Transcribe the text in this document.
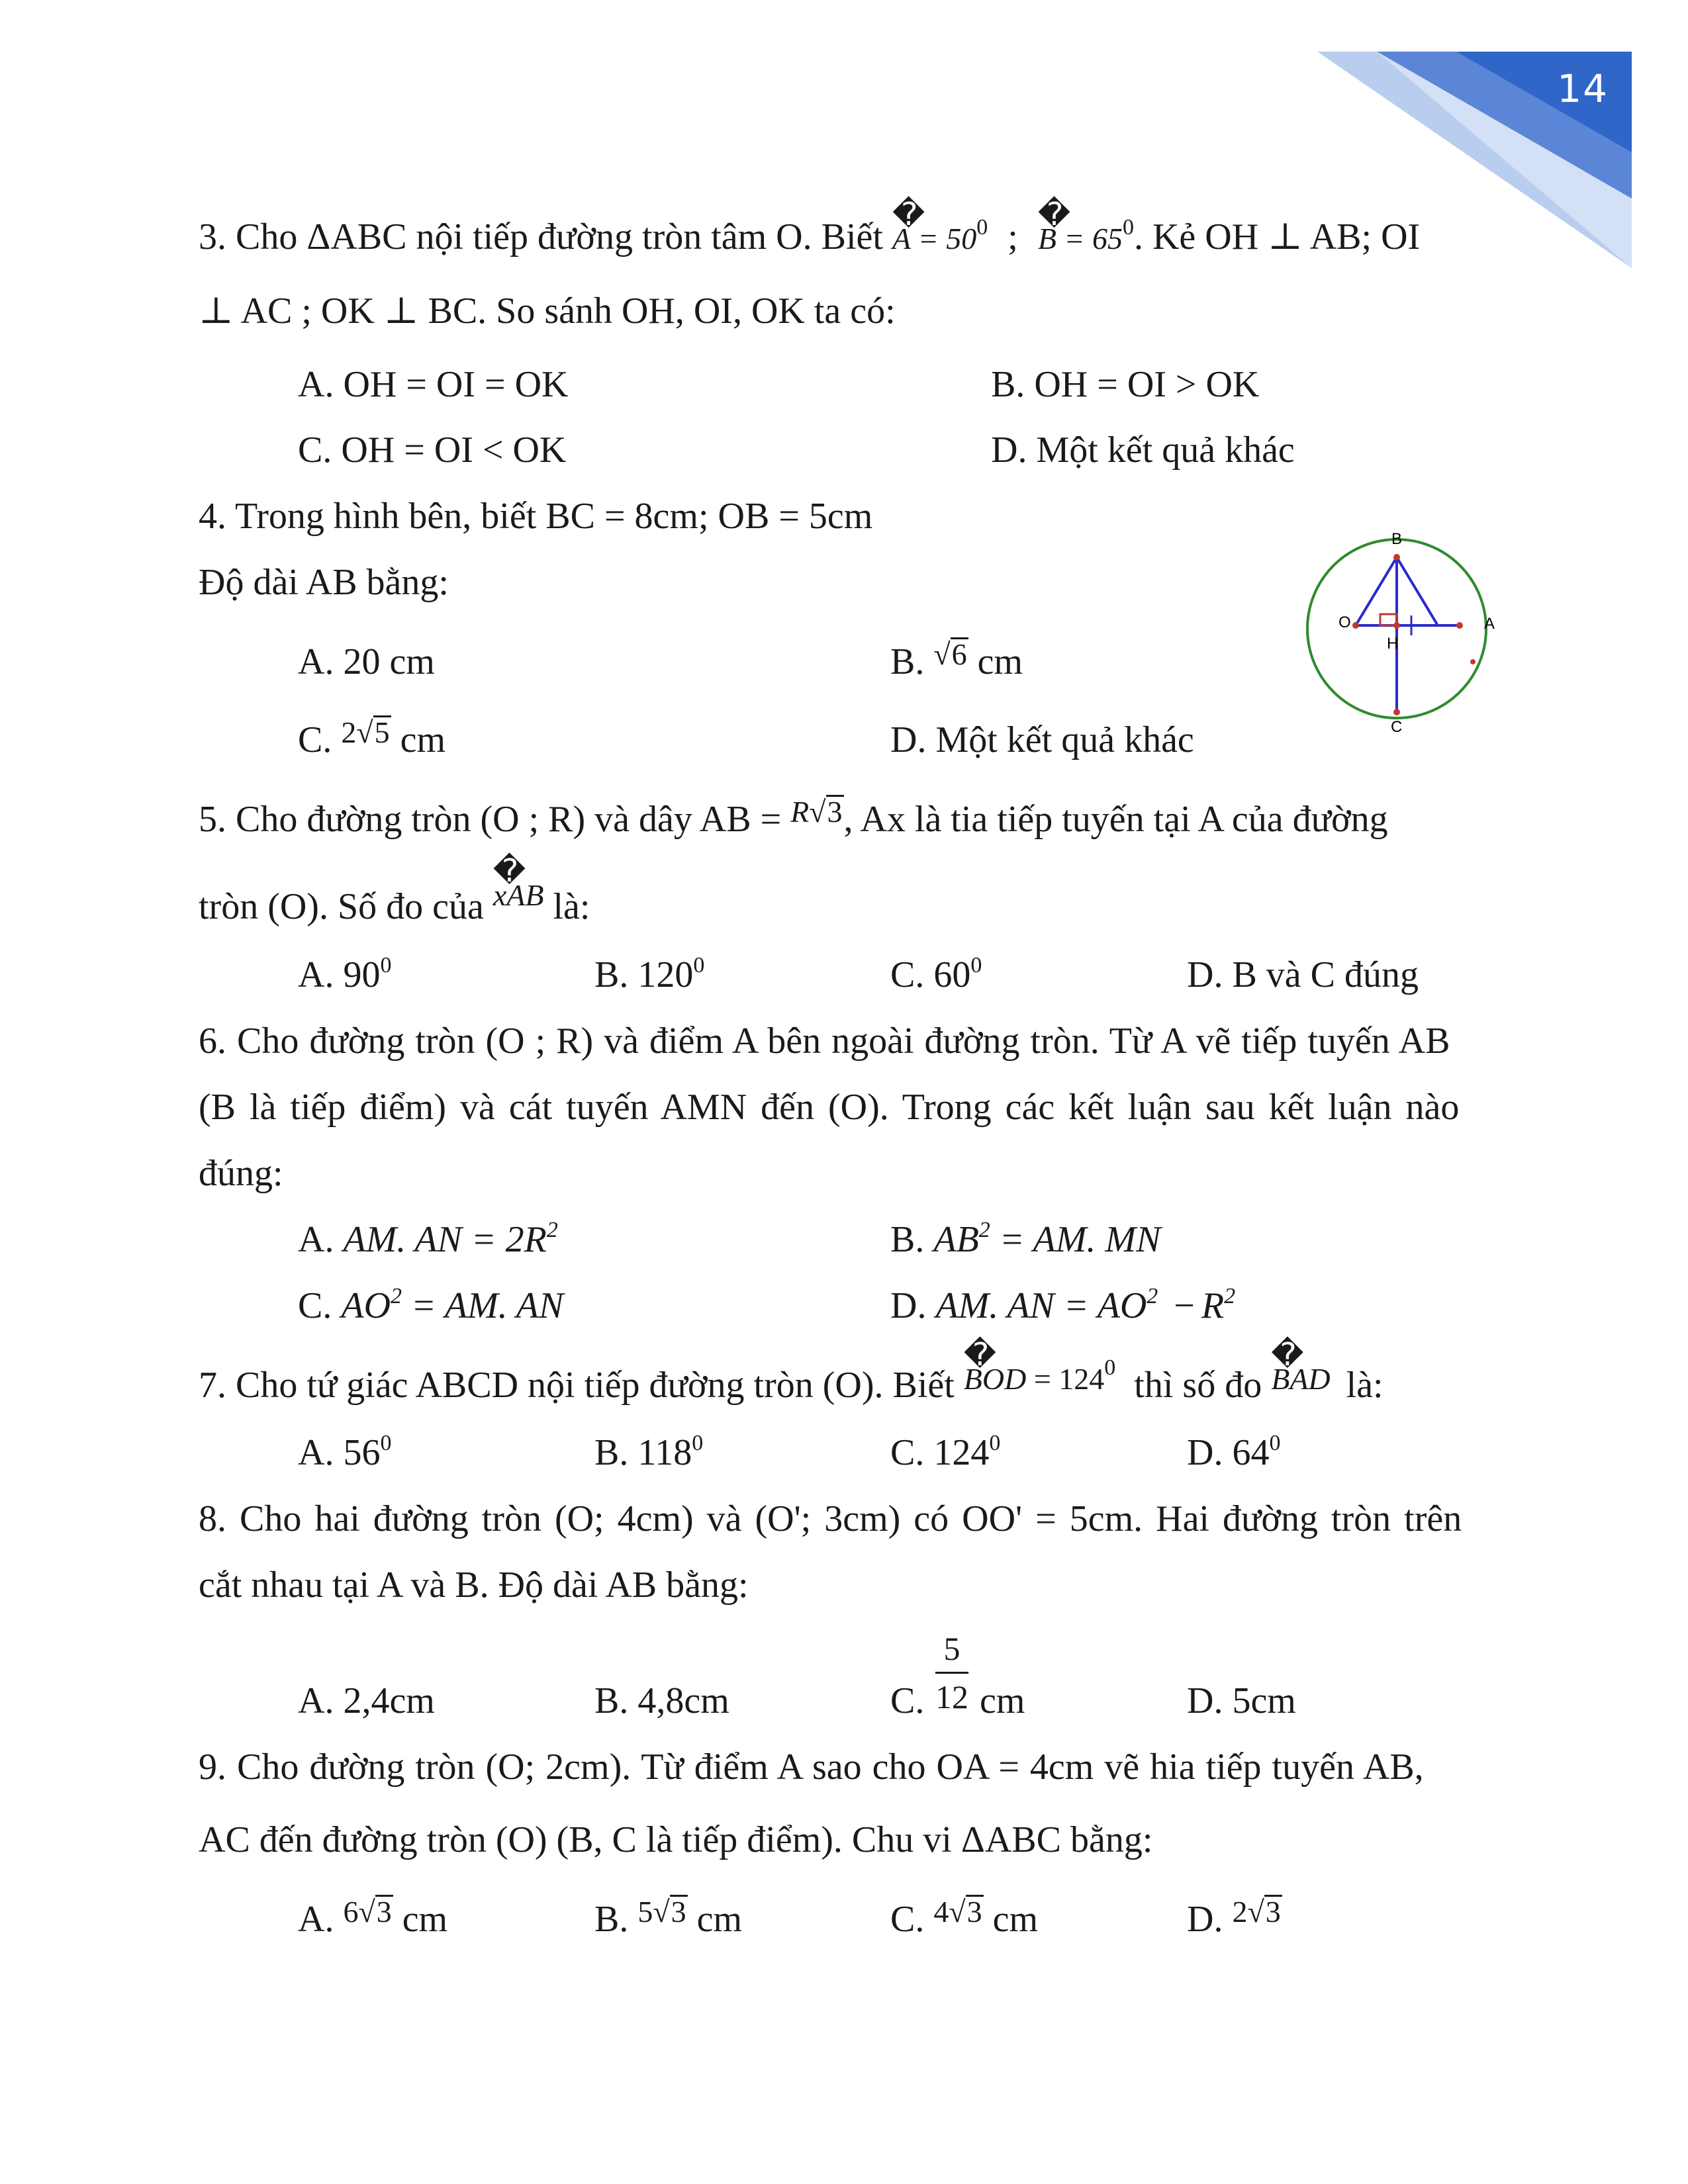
14
3. Cho ΔABC nội tiếp đường tròn tâm O. Biết � $A = 50^0$ ; � $B = 65^0$. Kẻ OH ⊥ AB; OI
⊥ AC ; OK ⊥ BC. So sánh OH, OI, OK ta có:
A. OH = OI = OK	B. OH = OI > OK
C. OH = OI < OK	D. Một kết quả khác
4. Trong hình bên, biết BC = 8cm; OB = 5cm
Độ dài AB bằng:
A. 20 cm	B. √6 cm
C. 2√5 cm	D. Một kết quả khác
B
O	A
H
C
5. Cho đường tròn (O ; R) và dây AB = $^R$√3, Ax là tia tiếp tuyến tại A của đường
tròn (O). Số đo của � xAB là:
A. $90^0$	B. $120^0$	C. $60^0$	D. B và C đúng
6. Cho đường tròn (O ; R) và điểm A bên ngoài đường tròn. Từ A vẽ tiếp tuyến AB
(B là tiếp điểm) và cát tuyến AMN đến (O). Trong các kết luận sau kết luận nào
đúng:
A. AM. AN = $2R^2$	B. $AB^2$ = AM. MN
C. $AO^2$ = AM. AN	D. AM. AN = $AO^2 - R^2$
7. Cho tứ giác ABCD nội tiếp đường tròn (O). Biết � BOD $^{= 1240}$ thì số đo � BAD là:
A. $56^0$	B. $118^0$	C. $124^0$	D. $64^0$
8. Cho hai đường tròn (O; 4cm) và (O'; 3cm) có OO' = 5cm. Hai đường tròn trên
cắt nhau tại A và B. Độ dài AB bằng:
A. 2,4cm	B. 4,8cm	C. $\frac{5}{12}$ cm	D. 5cm
9. Cho đường tròn (O; 2cm). Từ điểm A sao cho OA = 4cm vẽ hia tiếp tuyến AB,
AC đến đường tròn (O) (B, C là tiếp điểm). Chu vi ΔABC bằng:
A. 6√3 cm	B. 5√3 cm	C. 4√3 cm	D. 2√3
